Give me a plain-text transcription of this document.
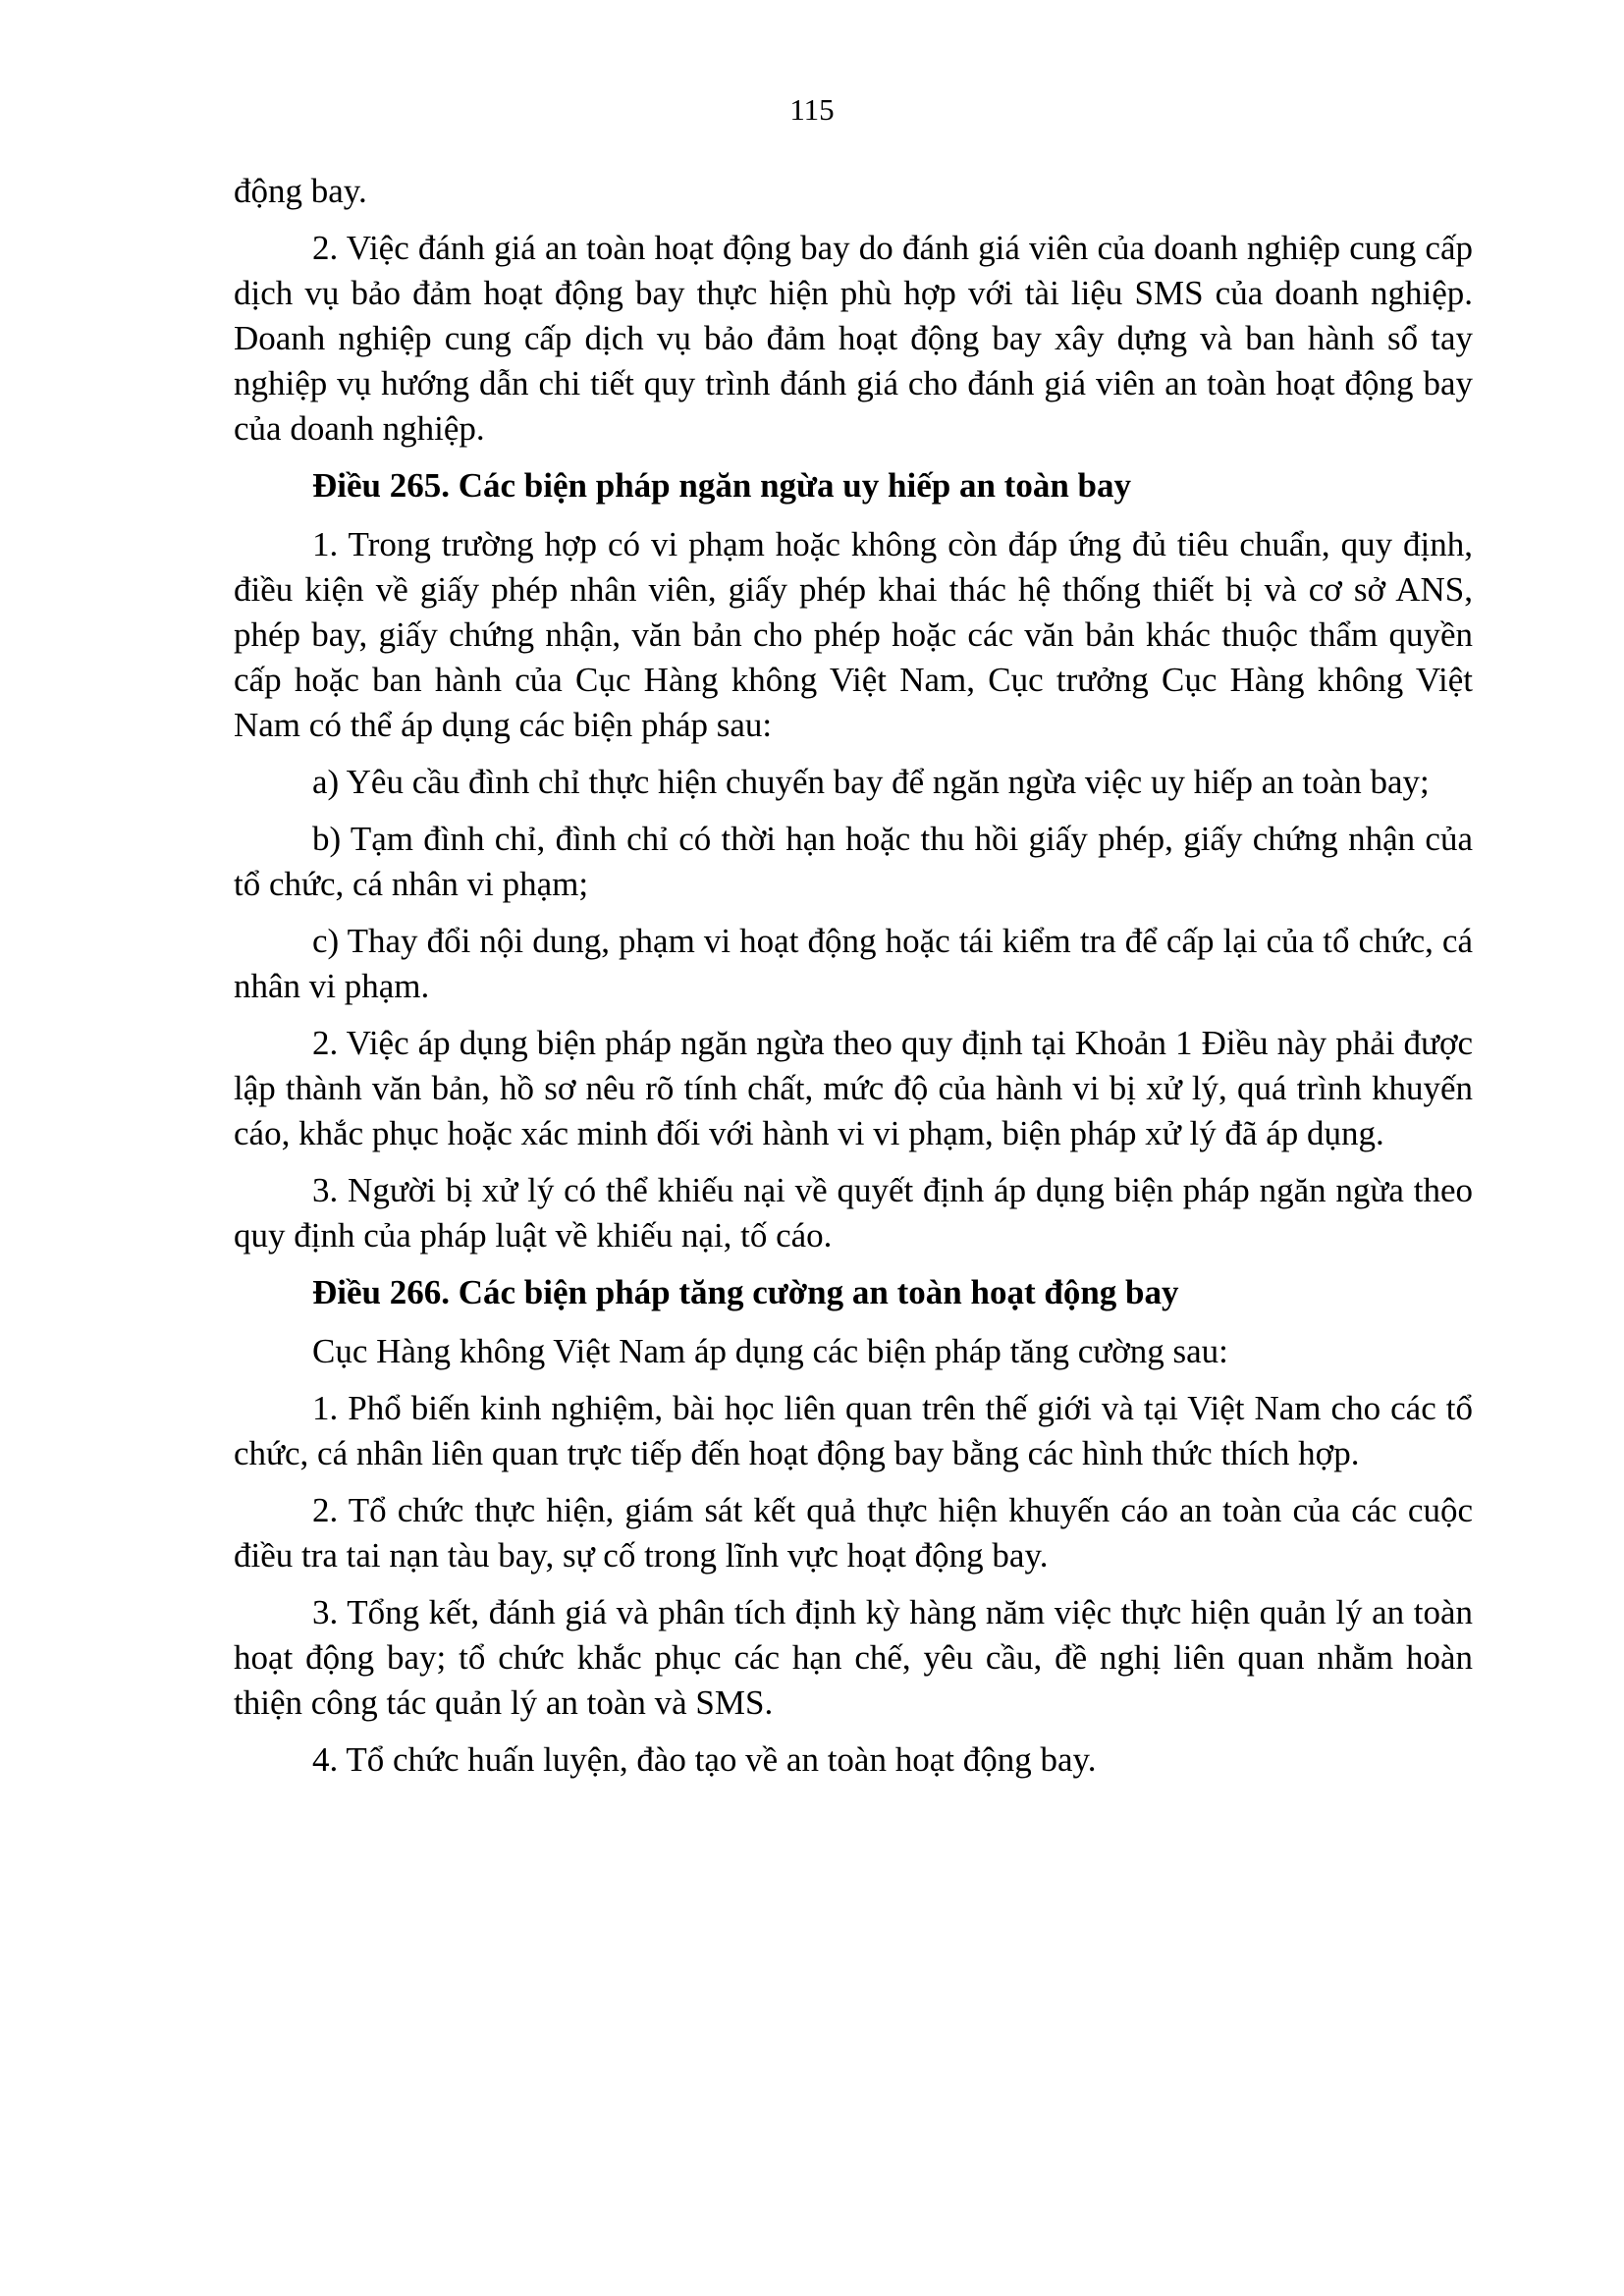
115

động bay.

2. Việc đánh giá an toàn hoạt động bay do đánh giá viên của doanh nghiệp cung cấp dịch vụ bảo đảm hoạt động bay thực hiện phù hợp với tài liệu SMS của doanh nghiệp. Doanh nghiệp cung cấp dịch vụ bảo đảm hoạt động bay xây dựng và ban hành sổ tay nghiệp vụ hướng dẫn chi tiết quy trình đánh giá cho đánh giá viên an toàn hoạt động bay của doanh nghiệp.

Điều 265. Các biện pháp ngăn ngừa uy hiếp an toàn bay

1. Trong trường hợp có vi phạm hoặc không còn đáp ứng đủ tiêu chuẩn, quy định, điều kiện về giấy phép nhân viên, giấy phép khai thác hệ thống thiết bị và cơ sở ANS, phép bay, giấy chứng nhận, văn bản cho phép hoặc các văn bản khác thuộc thẩm quyền cấp hoặc ban hành của Cục Hàng không Việt Nam, Cục trưởng Cục Hàng không Việt Nam có thể áp dụng các biện pháp sau:

a) Yêu cầu đình chỉ thực hiện chuyến bay để ngăn ngừa việc uy hiếp an toàn bay;

b) Tạm đình chỉ, đình chỉ có thời hạn hoặc thu hồi giấy phép, giấy chứng nhận của tổ chức, cá nhân vi phạm;

c) Thay đổi nội dung, phạm vi hoạt động hoặc tái kiểm tra để cấp lại của tổ chức, cá nhân vi phạm.

2. Việc áp dụng biện pháp ngăn ngừa theo quy định tại Khoản 1 Điều này phải được lập thành văn bản, hồ sơ nêu rõ tính chất, mức độ của hành vi bị xử lý, quá trình khuyến cáo, khắc phục hoặc xác minh đối với hành vi vi phạm, biện pháp xử lý đã áp dụng.

3. Người bị xử lý có thể khiếu nại về quyết định áp dụng biện pháp ngăn ngừa theo quy định của pháp luật về khiếu nại, tố cáo.

Điều 266. Các biện pháp tăng cường an toàn hoạt động bay

Cục Hàng không Việt Nam áp dụng các biện pháp tăng cường sau:

1. Phổ biến kinh nghiệm, bài học liên quan trên thế giới và tại Việt Nam cho các tổ chức, cá nhân liên quan trực tiếp đến hoạt động bay bằng các hình thức thích hợp.

2. Tổ chức thực hiện, giám sát kết quả thực hiện khuyến cáo an toàn của các cuộc điều tra tai nạn tàu bay, sự cố trong lĩnh vực hoạt động bay.

3. Tổng kết, đánh giá và phân tích định kỳ hàng năm việc thực hiện quản lý an toàn hoạt động bay; tổ chức khắc phục các hạn chế, yêu cầu, đề nghị liên quan nhằm hoàn thiện công tác quản lý an toàn và SMS.

4. Tổ chức huấn luyện, đào tạo về an toàn hoạt động bay.
